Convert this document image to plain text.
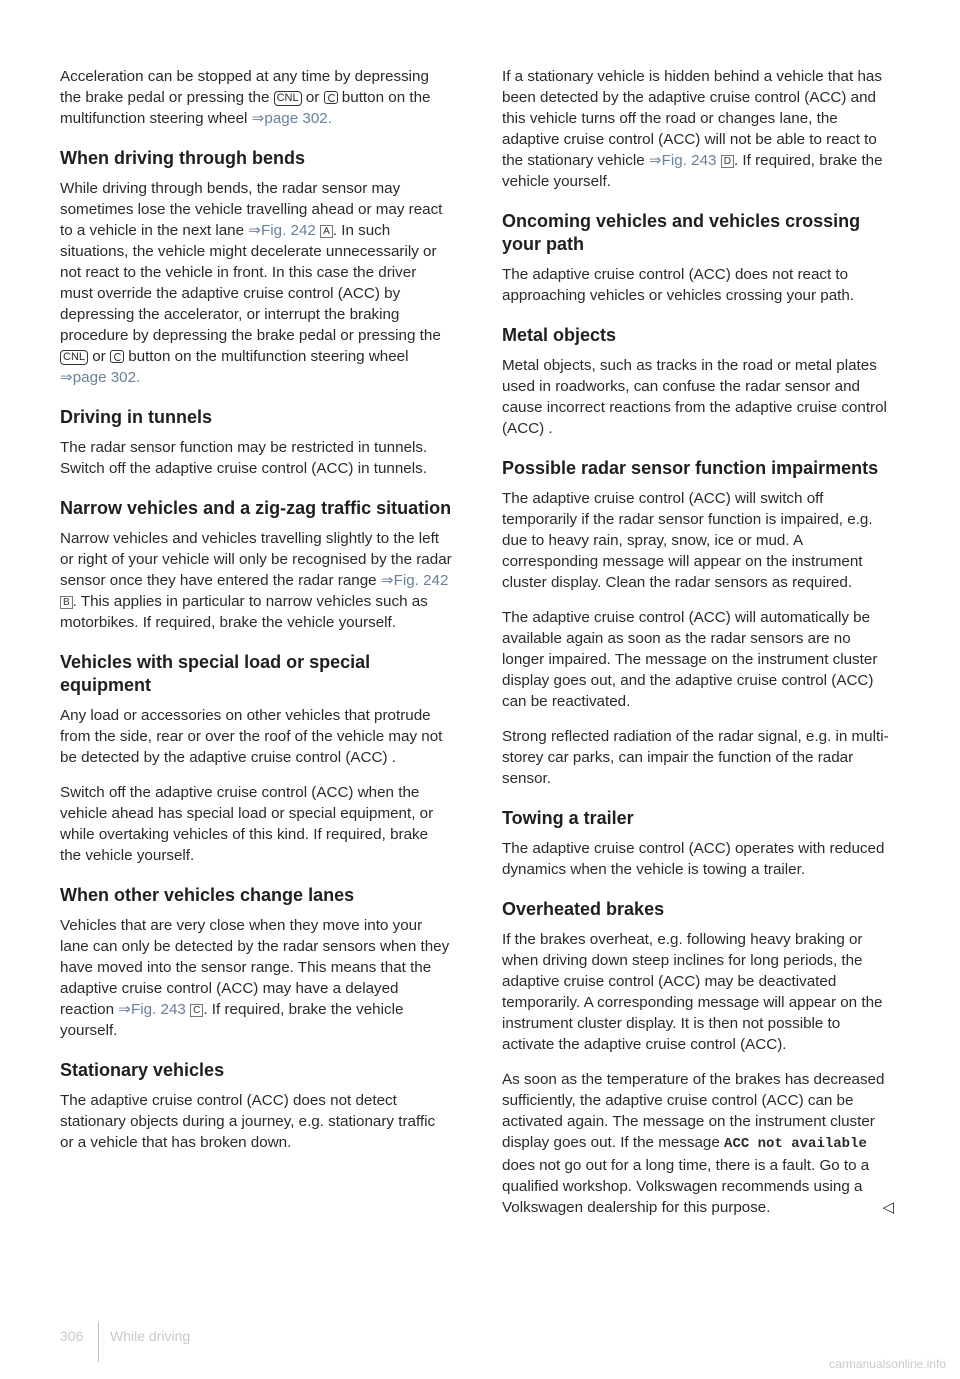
Acceleration can be stopped at any time by depressing the brake pedal or pressing the CNL or  button on the multifunction steering wheel ⇒page 302.

When driving through bends

While driving through bends, the radar sensor may sometimes lose the vehicle travelling ahead or may react to a vehicle in the next lane ⇒Fig. 242 A . In such situations, the vehicle might decelerate unnecessarily or not react to the vehicle in front. In this case the driver must override the adaptive cruise control (ACC) by depressing the accelerator, or interrupt the braking procedure by depressing the brake pedal or pressing the CNL or  button on the multifunction steering wheel ⇒page 302.

Driving in tunnels

The radar sensor function may be restricted in tunnels. Switch off the adaptive cruise control (ACC) in tunnels.

Narrow vehicles and a zig-zag traffic situation

Narrow vehicles and vehicles travelling slightly to the left or right of your vehicle will only be recognised by the radar sensor once they have entered the radar range ⇒Fig. 242 B . This applies in particular to narrow vehicles such as motorbikes. If required, brake the vehicle yourself.

Vehicles with special load or special equipment

Any load or accessories on other vehicles that protrude from the side, rear or over the roof of the vehicle may not be detected by the adaptive cruise control (ACC) .

Switch off the adaptive cruise control (ACC) when the vehicle ahead has special load or special equipment, or while overtaking vehicles of this kind. If required, brake the vehicle yourself.

When other vehicles change lanes

Vehicles that are very close when they move into your lane can only be detected by the radar sensors when they have moved into the sensor range. This means that the adaptive cruise control (ACC) may have a delayed reaction ⇒Fig. 243 C . If required, brake the vehicle yourself.

Stationary vehicles

The adaptive cruise control (ACC) does not detect stationary objects during a journey, e.g. stationary traffic or a vehicle that has broken down.

If a stationary vehicle is hidden behind a vehicle that has been detected by the adaptive cruise control (ACC) and this vehicle turns off the road or changes lane, the adaptive cruise control (ACC) will not be able to react to the stationary vehicle ⇒Fig. 243 D . If required, brake the vehicle yourself.

Oncoming vehicles and vehicles crossing your path

The adaptive cruise control (ACC) does not react to approaching vehicles or vehicles crossing your path.

Metal objects

Metal objects, such as tracks in the road or metal plates used in roadworks, can confuse the radar sensor and cause incorrect reactions from the adaptive cruise control (ACC) .

Possible radar sensor function impairments

The adaptive cruise control (ACC) will switch off temporarily if the radar sensor function is impaired, e.g. due to heavy rain, spray, snow, ice or mud. A corresponding message will appear on the instrument cluster display. Clean the radar sensors as required.

The adaptive cruise control (ACC) will automatically be available again as soon as the radar sensors are no longer impaired. The message on the instrument cluster display goes out, and the adaptive cruise control (ACC) can be reactivated.

Strong reflected radiation of the radar signal, e.g. in multi-storey car parks, can impair the function of the radar sensor.

Towing a trailer

The adaptive cruise control (ACC) operates with reduced dynamics when the vehicle is towing a trailer.

Overheated brakes

If the brakes overheat, e.g. following heavy braking or when driving down steep inclines for long periods, the adaptive cruise control (ACC) may be deactivated temporarily. A corresponding message will appear on the instrument cluster display. It is then not possible to activate the adaptive cruise control (ACC).

As soon as the temperature of the brakes has decreased sufficiently, the adaptive cruise control (ACC) can be activated again. The message on the instrument cluster display goes out. If the message ACC not available does not go out for a long time, there is a fault. Go to a qualified workshop. Volkswagen recommends using a Volkswagen dealership for this purpose.	◁

306 While driving
carmanualsonline.info
